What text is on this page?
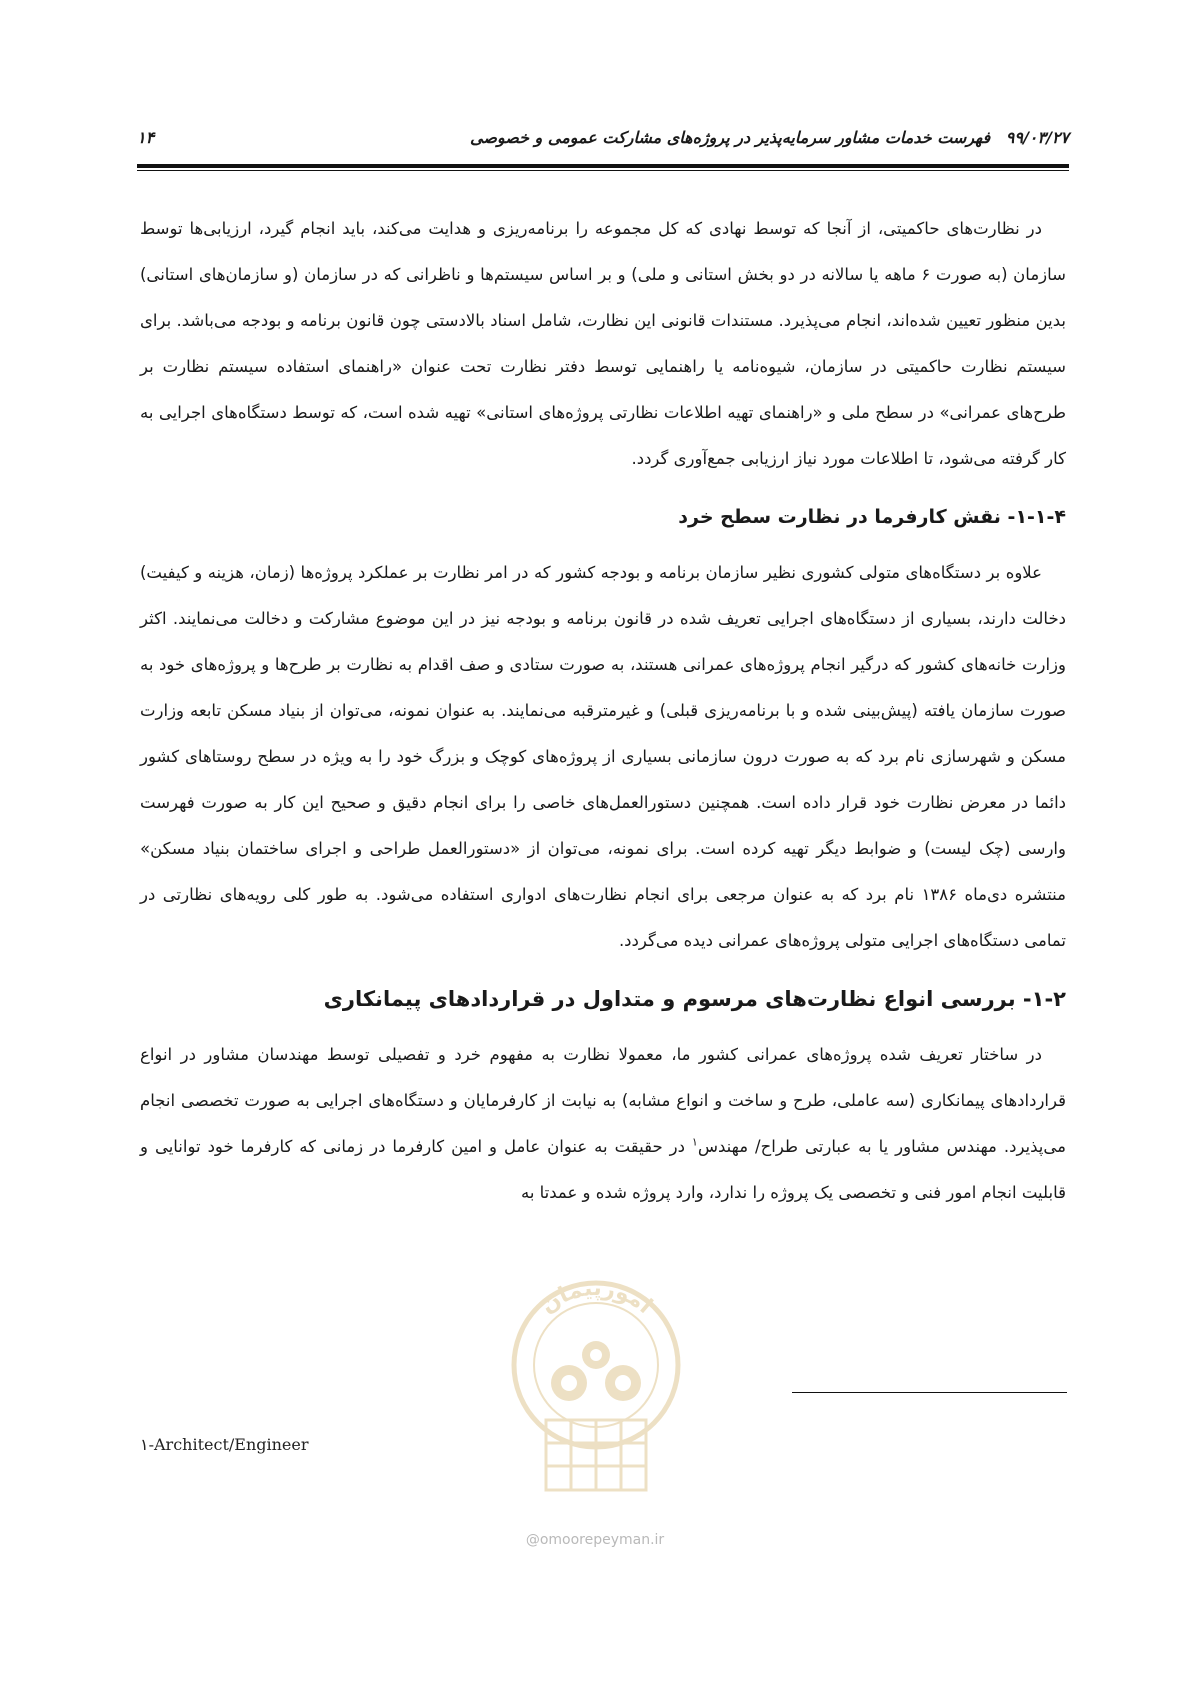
۹۹/۰۳/۲۷ فهرست خدمات مشاور سرمایه‌پذیر در پروژه‌های مشارکت عمومی و خصوصی
۱۴

در نظارت‌های حاکمیتی، از آنجا که توسط نهادی که کل مجموعه را برنامه‌ریزی و هدایت می‌کند، باید انجام گیرد، ارزیابی‌ها توسط سازمان (به صورت ۶ ماهه یا سالانه در دو بخش استانی و ملی) و بر اساس سیستم‌ها و ناظرانی که در سازمان (و سازمان‌های استانی) بدین منظور تعیین شده‌اند، انجام می‌پذیرد. مستندات قانونی این نظارت، شامل اسناد بالادستی چون قانون برنامه و بودجه می‌باشد. برای سیستم نظارت حاکمیتی در سازمان، شیوه‌نامه یا راهنمایی توسط دفتر نظارت تحت عنوان «راهنمای استفاده سیستم نظارت بر طرح‌های عمرانی» در سطح ملی و «راهنمای تهیه اطلاعات نظارتی پروژه‌های استانی» تهیه شده است، که توسط دستگاه‌های اجرایی به کار گرفته می‌شود، تا اطلاعات مورد نیاز ارزیابی جمع‌آوری گردد.

۱-۱-۴- نقش کارفرما در نظارت سطح خرد

علاوه بر دستگاه‌های متولی کشوری نظیر سازمان برنامه و بودجه کشور که در امر نظارت بر عملکرد پروژه‌ها (زمان، هزینه و کیفیت) دخالت دارند، بسیاری از دستگاه‌های اجرایی تعریف شده در قانون برنامه و بودجه نیز در این موضوع مشارکت و دخالت می‌نمایند. اکثر وزارت خانه‌های کشور که درگیر انجام پروژه‌های عمرانی هستند، به صورت ستادی و صف اقدام به نظارت بر طرح‌ها و پروژه‌های خود به صورت سازمان یافته (پیش‌بینی شده و با برنامه‌ریزی قبلی) و غیرمترقبه می‌نمایند. به عنوان نمونه، می‌توان از بنیاد مسکن تابعه وزارت مسکن و شهرسازی نام برد که به صورت درون سازمانی بسیاری از پروژه‌های کوچک و بزرگ خود را به ویژه در سطح روستاهای کشور دائما در معرض نظارت خود قرار داده است. همچنین دستورالعمل‌های خاصی را برای انجام دقیق و صحیح این کار به صورت فهرست وارسی (چک لیست) و ضوابط دیگر تهیه کرده است. برای نمونه، می‌توان از «دستورالعمل طراحی و اجرای ساختمان بنیاد مسکن» منتشره دی‌ماه ۱۳۸۶ نام برد که به عنوان مرجعی برای انجام نظارت‌های ادواری استفاده می‌شود. به طور کلی رویه‌های نظارتی در تمامی دستگاه‌های اجرایی متولی پروژه‌های عمرانی دیده می‌گردد.

۱-۲- بررسی انواع نظارت‌های مرسوم و متداول در قراردادهای پیمانکاری

در ساختار تعریف شده پروژه‌های عمرانی کشور ما، معمولا نظارت به مفهوم خرد و تفصیلی توسط مهندسان مشاور در انواع قراردادهای پیمانکاری (سه عاملی، طرح و ساخت و انواع مشابه) به نیابت از کارفرمایان و دستگاه‌های اجرایی به صورت تخصصی انجام می‌پذیرد. مهندس مشاور یا به عبارتی طراح/ مهندس$^۱$ در حقیقت به عنوان عامل و امین کارفرما در زمانی که کارفرما خود توانایی و قابلیت انجام امور فنی و تخصصی یک پروژه را ندارد، وارد پروژه شده و عمدتا به

امورپیمان
@omoorepeyman.ir
۱-Architect/Engineer
